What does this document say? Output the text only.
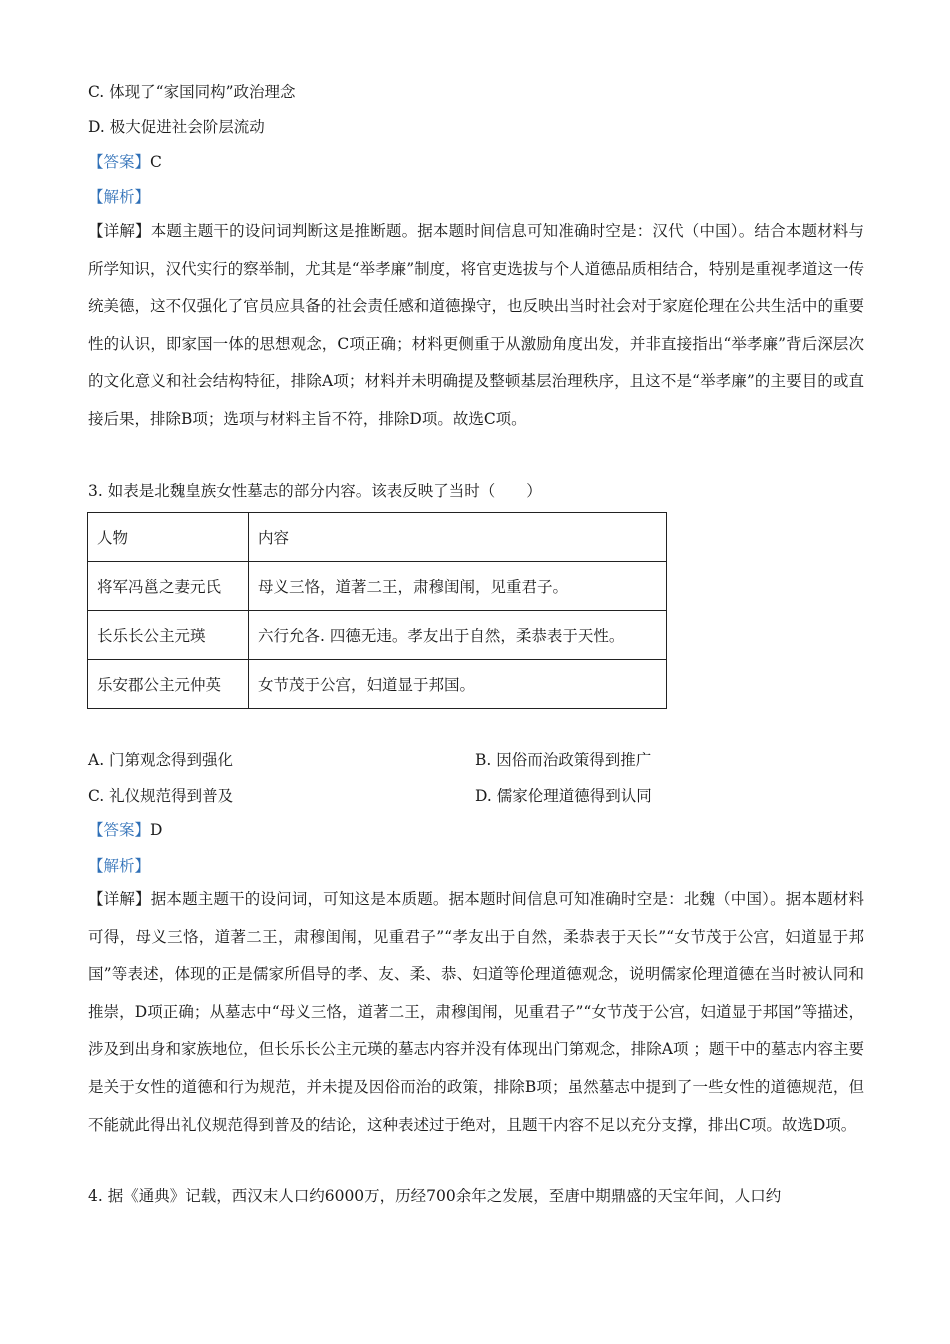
C. 体现了“家国同构”政治理念
D. 极大促进社会阶层流动
【答案】C
【解析】
【详解】本题主题干的设问词判断这是推断题。据本题时间信息可知准确时空是：汉代（中国）。结合本题材料与所学知识，汉代实行的察举制，尤其是“举孝廉”制度，将官吏选拔与个人道德品质相结合，特别是重视孝道这一传统美德，这不仅强化了官员应具备的社会责任感和道德操守，也反映出当时社会对于家庭伦理在公共生活中的重要性的认识，即家国一体的思想观念，C项正确；材料更侧重于从激励角度出发，并非直接指出“举孝廉”背后深层次的文化意义和社会结构特征，排除A项；材料并未明确提及整顿基层治理秩序，且这不是“举孝廉”的主要目的或直接后果，排除B项；选项与材料主旨不符，排除D项。故选C项。
3. 如表是北魏皇族女性墓志的部分内容。该表反映了当时（　　）
人物	内容
将军冯邕之妻元氏	母义三恪，道著二王，肃穆闺闱，见重君子。
长乐长公主元瑛	六行允各. 四德无违。孝友出于自然，柔恭表于天性。
乐安郡公主元仲英	女节茂于公宫，妇道显于邦国。
A. 门第观念得到强化	B. 因俗而治政策得到推广
C. 礼仪规范得到普及	D. 儒家伦理道德得到认同
【答案】D
【解析】
【详解】据本题主题干的设问词，可知这是本质题。据本题时间信息可知准确时空是：北魏（中国）。据本题材料可得，母义三恪，道著二王，肃穆闺闱，见重君子”“孝友出于自然，柔恭表于天长”“女节茂于公宫，妇道显于邦国”等表述，体现的正是儒家所倡导的孝、友、柔、恭、妇道等伦理道德观念，说明儒家伦理道德在当时被认同和推崇，D项正确；从墓志中“母义三恪，道著二王，肃穆闺闱，见重君子”“女节茂于公宫，妇道显于邦国”等描述，涉及到出身和家族地位，但长乐长公主元瑛的墓志内容并没有体现出门第观念，排除A项 ；题干中的墓志内容主要是关于女性的道德和行为规范，并未提及因俗而治的政策，排除B项；虽然墓志中提到了一些女性的道德规范，但不能就此得出礼仪规范得到普及的结论，这种表述过于绝对，且题干内容不足以充分支撑，排出C项。故选D项。
4. 据《通典》记载，西汉末人口约6000万，历经700余年之发展，至唐中期鼎盛的天宝年间，人口约
